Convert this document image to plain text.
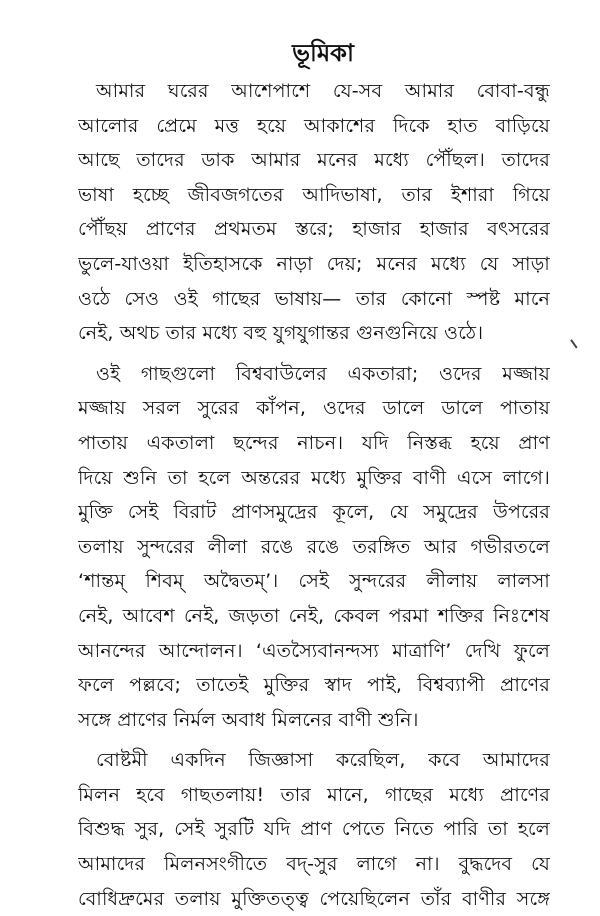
ভূমিকা
আমার ঘরের আশেপাশে যে-সব আমার বোবা-বন্ধু
আলোর প্রেমে মত্ত হয়ে আকাশের দিকে হাত বাড়িয়ে
আছে তাদের ডাক আমার মনের মধ্যে পৌঁছল। তাদের
ভাষা হচ্ছে জীবজগতের আদিভাষা, তার ইশারা গিয়ে
পৌঁছয় প্রাণের প্রথমতম স্তরে; হাজার হাজার বৎসরের
ভুলে-যাওয়া ইতিহাসকে নাড়া দেয়; মনের মধ্যে যে সাড়া
ওঠে সেও ওই গাছের ভাষায়— তার কোনো স্পষ্ট মানে
নেই, অথচ তার মধ্যে বহু যুগযুগান্তর গুনগুনিয়ে ওঠে।
ওই গাছগুলো বিশ্ববাউলের একতারা; ওদের মজ্জায়
মজ্জায় সরল সুরের কাঁপন, ওদের ডালে ডালে পাতায়
পাতায় একতালা ছন্দের নাচন। যদি নিস্তব্ধ হয়ে প্রাণ
দিয়ে শুনি তা হলে অন্তরের মধ্যে মুক্তির বাণী এসে লাগে।
মুক্তি সেই বিরাট প্রাণসমুদ্রের কূলে, যে সমুদ্রের উপরের
তলায় সুন্দরের লীলা রঙে রঙে তরঙ্গিত আর গভীরতলে
‘শান্তম্ শিবম্ অদ্বৈতম্’। সেই সুন্দরের লীলায় লালসা
নেই, আবেশ নেই, জড়তা নেই, কেবল পরমা শক্তির নিঃশেষ
আনন্দের আন্দোলন। ‘এতস্যৈবানন্দস্য মাত্রাণি’ দেখি ফুলে
ফলে পল্লবে; তাতেই মুক্তির স্বাদ পাই, বিশ্বব্যাপী প্রাণের
সঙ্গে প্রাণের নির্মল অবাধ মিলনের বাণী শুনি।
বোষ্টমী একদিন জিজ্ঞাসা করেছিল, কবে আমাদের
মিলন হবে গাছতলায়! তার মানে, গাছের মধ্যে প্রাণের
বিশুদ্ধ সুর, সেই সুরটি যদি প্রাণ পেতে নিতে পারি তা হলে
আমাদের মিলনসংগীতে বদ্-সুর লাগে না। বুদ্ধদেব যে
বোধিদ্রুমের তলায় মুক্তিতত্ত্ব পেয়েছিলেন তাঁর বাণীর সঙ্গে
